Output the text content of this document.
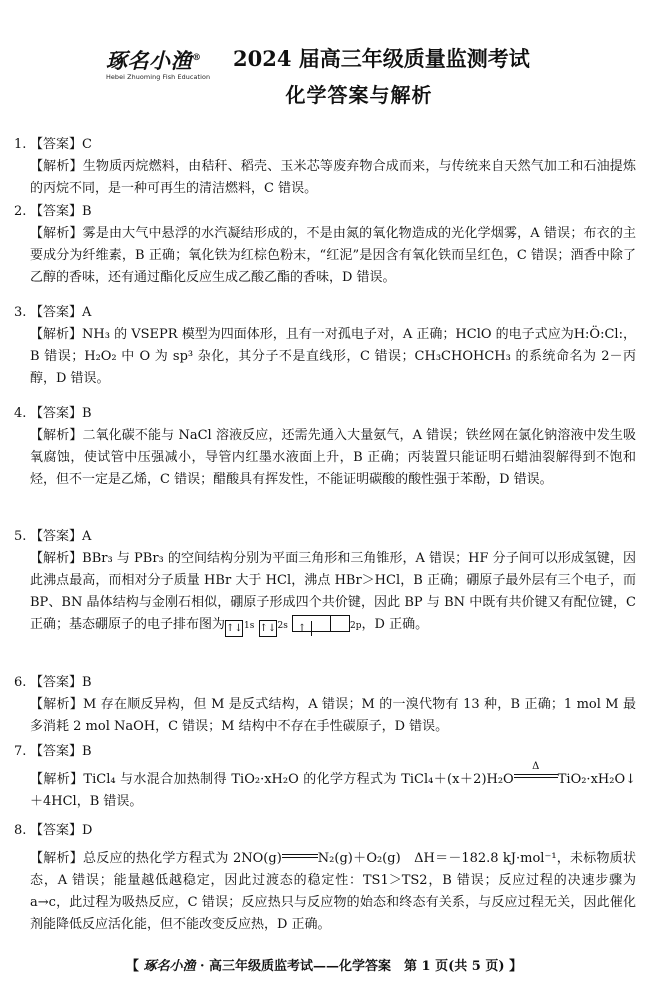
琢名小渔®
Hebei Zhuoming Fish Education
2024 届高三年级质量监测考试
化学答案与解析
1. 【答案】C
【解析】生物质丙烷燃料，由秸秆、稻壳、玉米芯等废弃物合成而来，与传统来自天然气加工和石油提炼的丙烷不同，是一种可再生的清洁燃料，C 错误。
2. 【答案】B
【解析】雾是由大气中悬浮的水汽凝结形成的，不是由氮的氧化物造成的光化学烟雾，A 错误；布衣的主要成分为纤维素，B 正确；氧化铁为红棕色粉末，“红泥”是因含有氧化铁而呈红色，C 错误；酒香中除了乙醇的香味，还有通过酯化反应生成乙酸乙酯的香味，D 错误。
3. 【答案】A
【解析】NH₃ 的 VSEPR 模型为四面体形，且有一对孤电子对，A 正确；HClO 的电子式应为H:Ö:Cl:，B 错误；H₂O₂ 中 O 为 sp³ 杂化，其分子不是直线形，C 错误；CH₃CHOHCH₃ 的系统命名为 2－丙醇，D 错误。
4. 【答案】B
【解析】二氧化碳不能与 NaCl 溶液反应，还需先通入大量氨气，A 错误；铁丝网在氯化钠溶液中发生吸氧腐蚀，使试管中压强减小，导管内红墨水液面上升，B 正确；丙装置只能证明石蜡油裂解得到不饱和烃，但不一定是乙烯，C 错误；醋酸具有挥发性，不能证明碳酸的酸性强于苯酚，D 错误。
5. 【答案】A
【解析】BBr₃ 与 PBr₃ 的空间结构分别为平面三角形和三角锥形，A 错误；HF 分子间可以形成氢键，因此沸点最高，而相对分子质量 HBr 大于 HCl，沸点 HBr＞HCl，B 正确；硼原子最外层有三个电子，而 BP、BN 晶体结构与金刚石相似，硼原子形成四个共价键，因此 BP 与 BN 中既有共价键又有配位键，C 正确；基态硼原子的电子排布图为↑↓1s ↑↓2s ↑	2p，D 正确。
6. 【答案】B
【解析】M 存在顺反异构，但 M 是反式结构，A 错误；M 的一溴代物有 13 种，B 正确；1 mol M 最多消耗 2 mol NaOH，C 错误；M 结构中不存在手性碳原子，D 错误。
7. 【答案】B
【解析】TiCl₄ 与水混合加热制得 TiO₂·xH₂O 的化学方程式为 TiCl₄＋(x＋2)H₂O
Δ
TiO₂·xH₂O↓＋4HCl，B 错误。
8. 【答案】D
【解析】总反应的热化学方程式为 2NO(g)	N₂(g)＋O₂(g)　ΔH＝－182.8 kJ·mol⁻¹，未标物质状态，A 错误；能量越低越稳定，因此过渡态的稳定性：TS1＞TS2，B 错误；反应过程的决速步骤为 a→c，此过程为吸热反应，C 错误；反应热只与反应物的始态和终态有关系，与反应过程无关，因此催化剂能降低反应活化能，但不能改变反应热，D 正确。
【 琢名小渔 · 高三年级质监考试——化学答案　第 1 页(共 5 页) 】
